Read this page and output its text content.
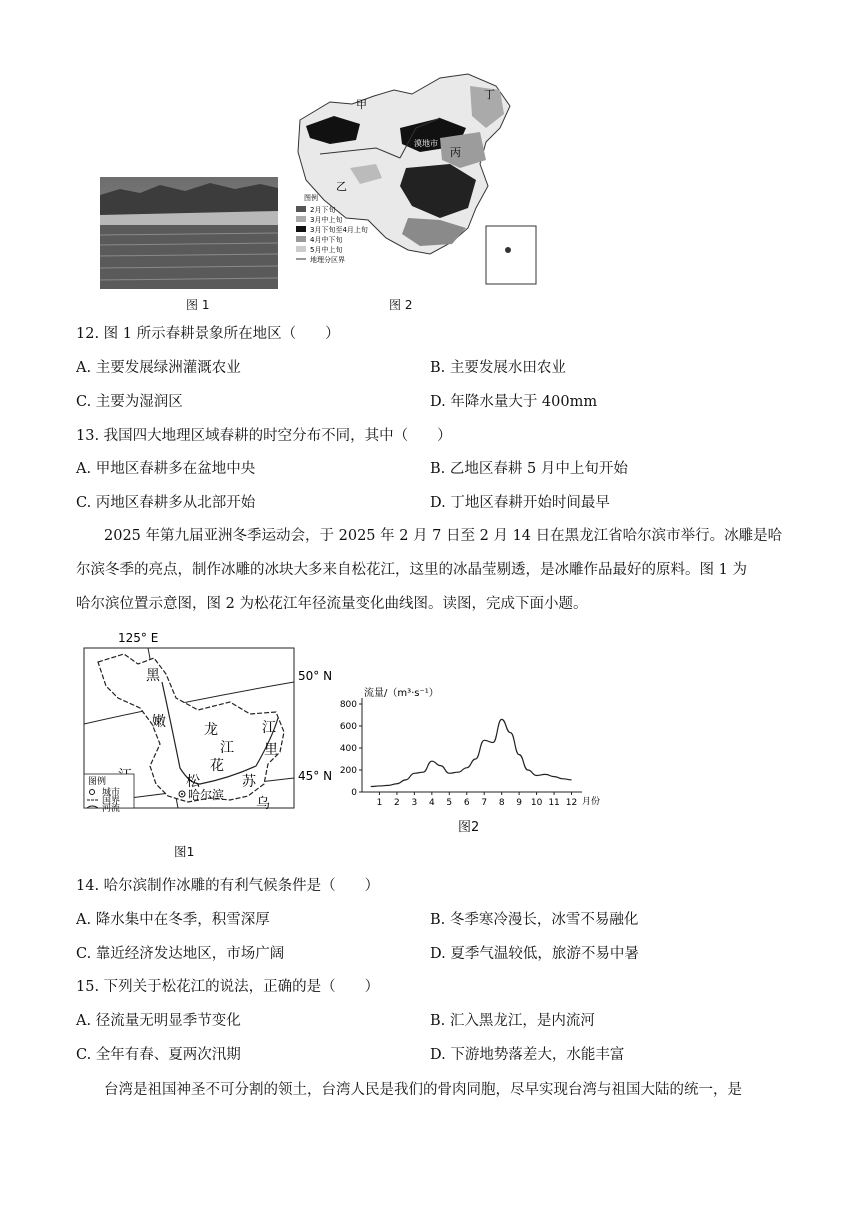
图 1
甲
乙
丙
丁
漠地市
图例
2月下旬
3月中上旬
3月下旬至4月上旬
4月中下旬
5月中上旬
地理分区界
图 2
12. 图 1 所示春耕景象所在地区（　　）
A. 主要发展绿洲灌溉农业	B. 主要发展水田农业
C. 主要为湿润区	D. 年降水量大于 400mm
13. 我国四大地理区域春耕的时空分布不同，其中（　　）
A. 甲地区春耕多在盆地中央	B. 乙地区春耕 5 月中上旬开始
C. 丙地区春耕多从北部开始	D. 丁地区春耕开始时间最早
2025 年第九届亚洲冬季运动会，于 2025 年 2 月 7 日至 2 月 14 日在黑龙江省哈尔滨市举行。冰雕是哈
尔滨冬季的亮点，制作冰雕的冰块大多来自松花江，这里的冰晶莹剔透，是冰雕作品最好的原料。图 1 为
哈尔滨位置示意图，图 2 为松花江年径流量变化曲线图。读图，完成下面小题。
125° E
50° N
45° N
黑
龙
江
嫩
松
花
江
里
苏
乌
哈尔滨
图例
城市
国界
河流
图1
流量/（m³·s⁻¹）
月份
0
200
400
600
800
1 2 3 4 5 6 7 8 9 10 11 12
图2
14. 哈尔滨制作冰雕的有利气候条件是（　　）
A. 降水集中在冬季，积雪深厚	B. 冬季寒冷漫长，冰雪不易融化
C. 靠近经济发达地区，市场广阔	D. 夏季气温较低，旅游不易中暑
15. 下列关于松花江的说法，正确的是（　　）
A. 径流量无明显季节变化	B. 汇入黑龙江，是内流河
C. 全年有春、夏两次汛期	D. 下游地势落差大，水能丰富
台湾是祖国神圣不可分割的领土，台湾人民是我们的骨肉同胞，尽早实现台湾与祖国大陆的统一，是
